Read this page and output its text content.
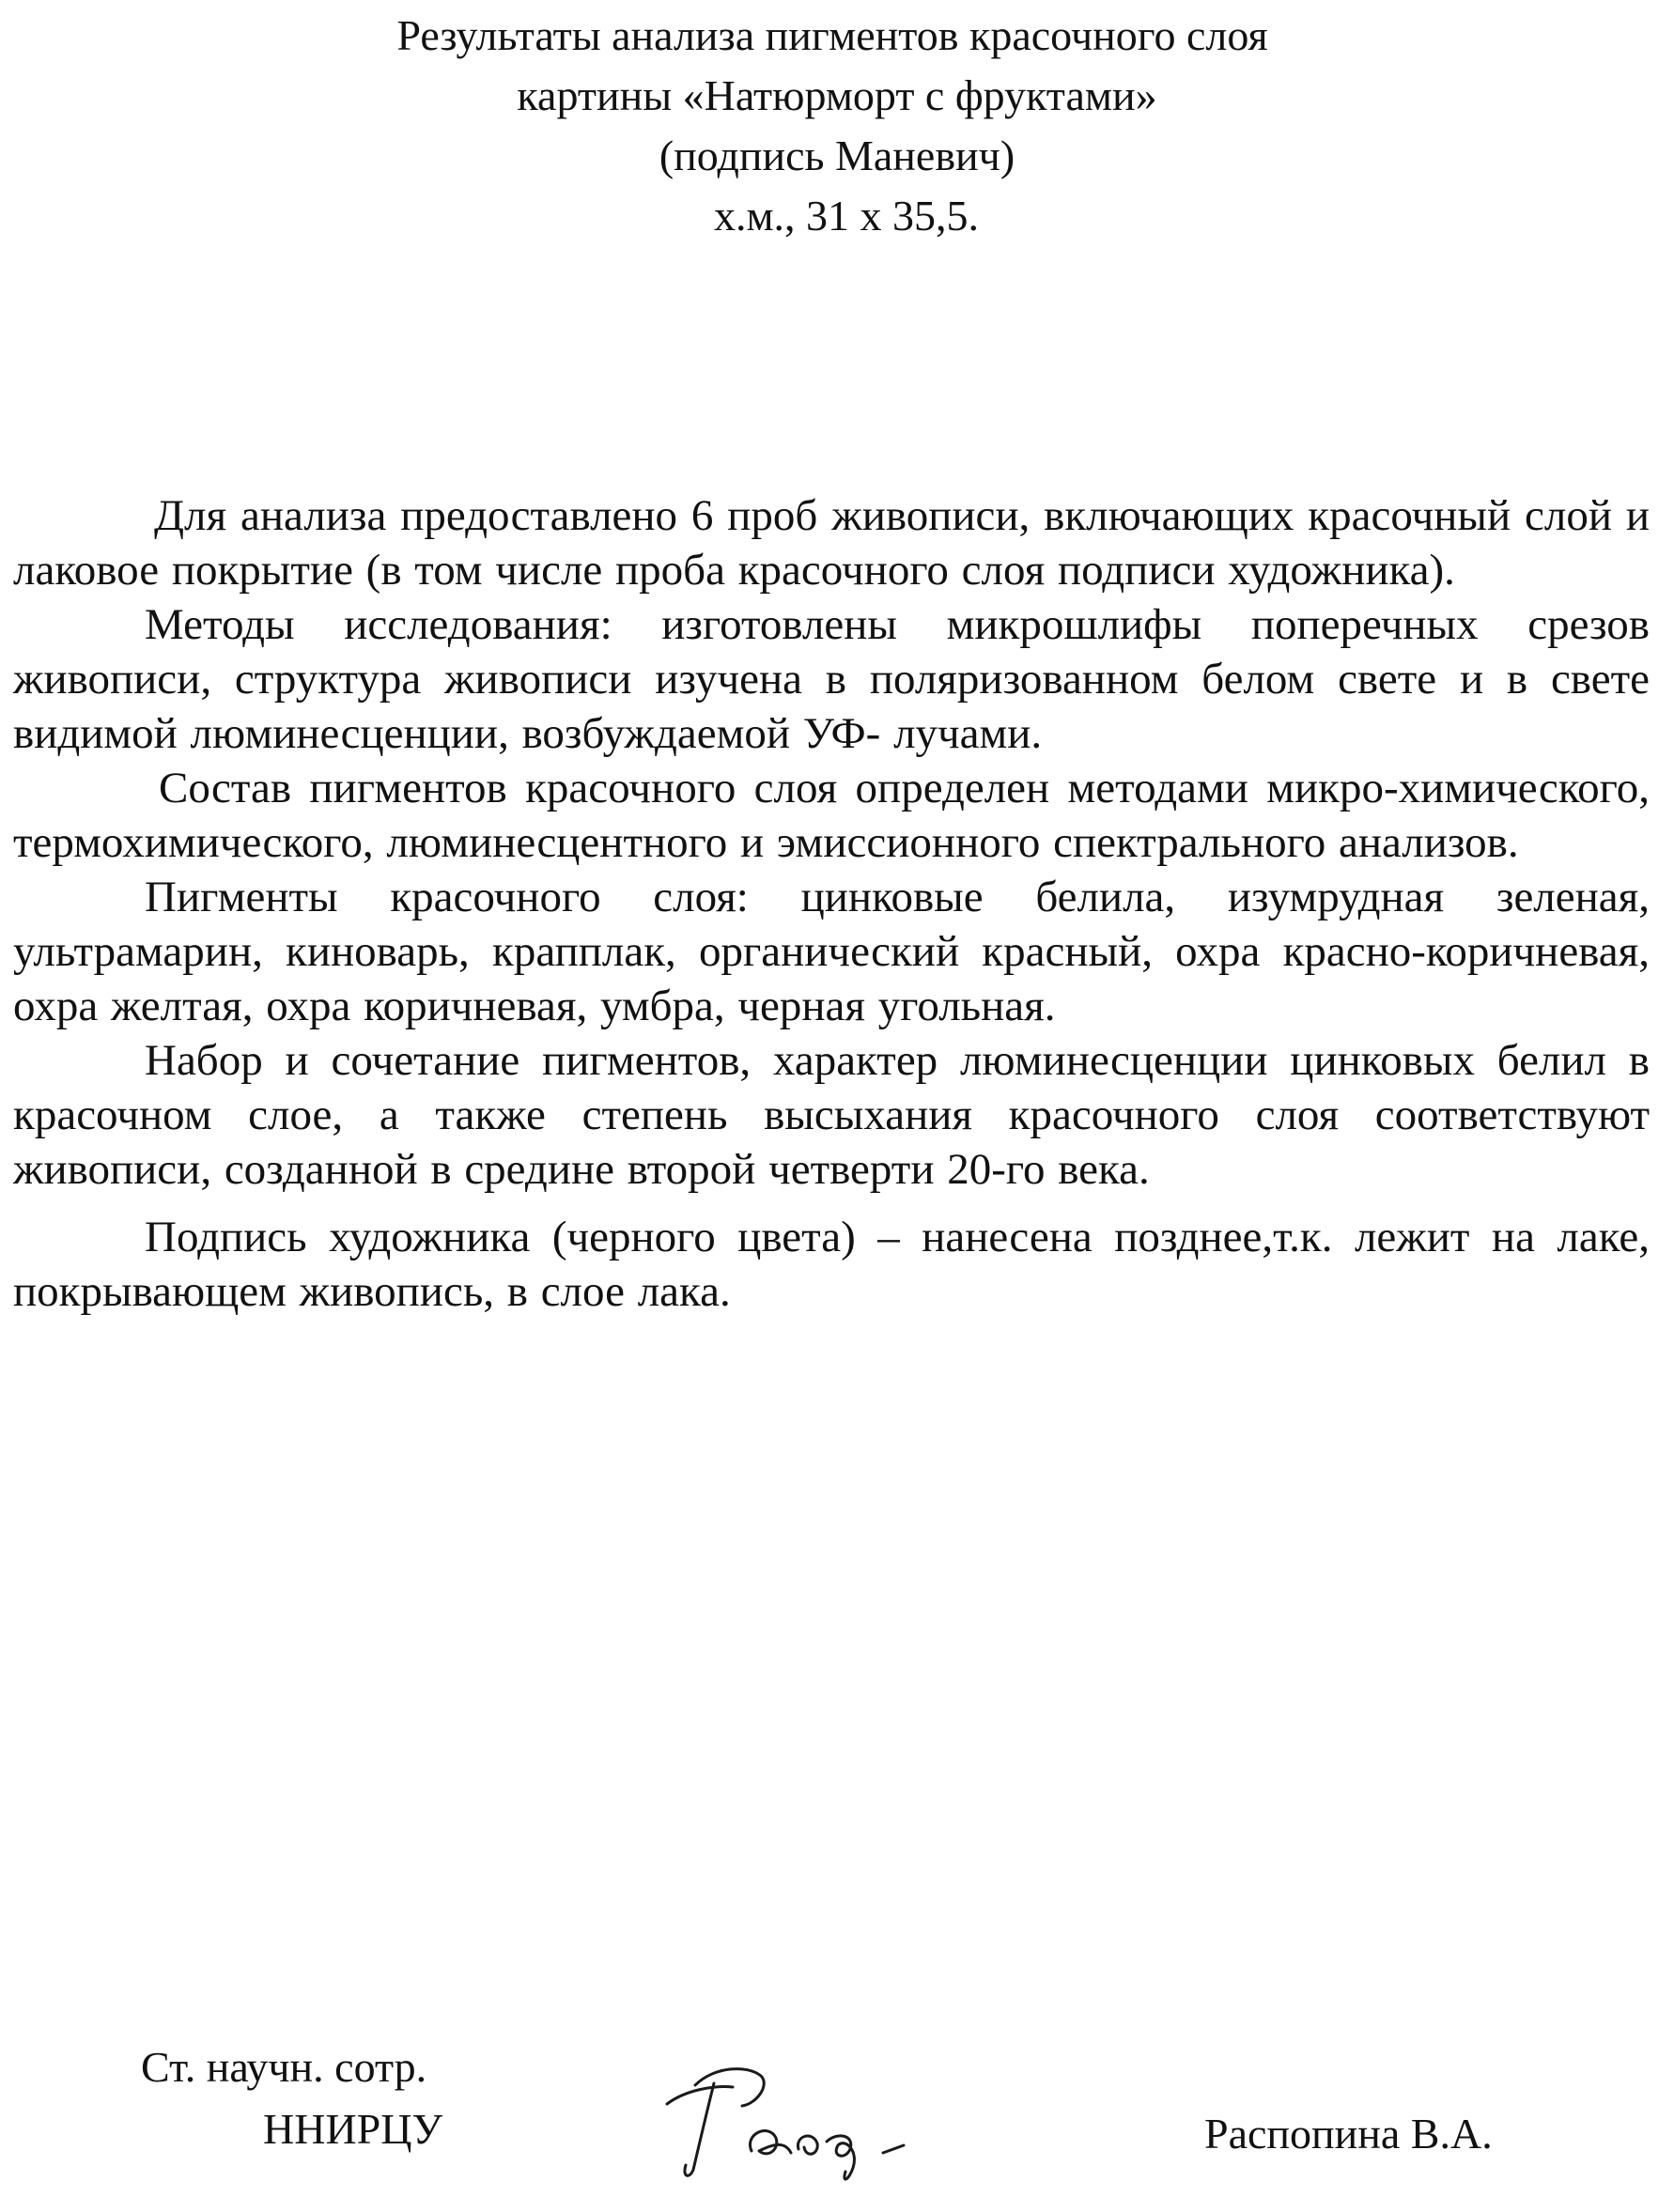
Результаты анализа пигментов красочного слоя
картины «Натюрморт с фруктами»
(подпись Маневич)
х.м., 31 х 35,5.

Для анализа предоставлено 6 проб живописи, включающих красочный слой и лаковое покрытие (в том числе проба красочного слоя подписи художника).

Методы исследования: изготовлены микрошлифы поперечных срезов живописи, структура живописи изучена в поляризованном белом свете и в свете видимой люминесценции, возбуждаемой УФ- лучами.

Состав пигментов красочного слоя определен методами микро-химического, термохимического, люминесцентного и эмиссионного спектрального анализов.

Пигменты красочного слоя: цинковые белила, изумрудная зеленая, ультрамарин, киноварь, крапплак, органический красный, охра красно-коричневая, охра желтая, охра коричневая, умбра, черная угольная.

Набор и сочетание пигментов, характер люминесценции цинковых белил в красочном слое, а также степень высыхания красочного слоя соответствуют живописи, созданной в средине второй четверти 20-го века.

Подпись художника (черного цвета) – нанесена позднее,т.к. лежит на лаке, покрывающем живопись, в слое лака.

Ст. научн. сотр.
ННИРЦУ	Распопина В.А.
